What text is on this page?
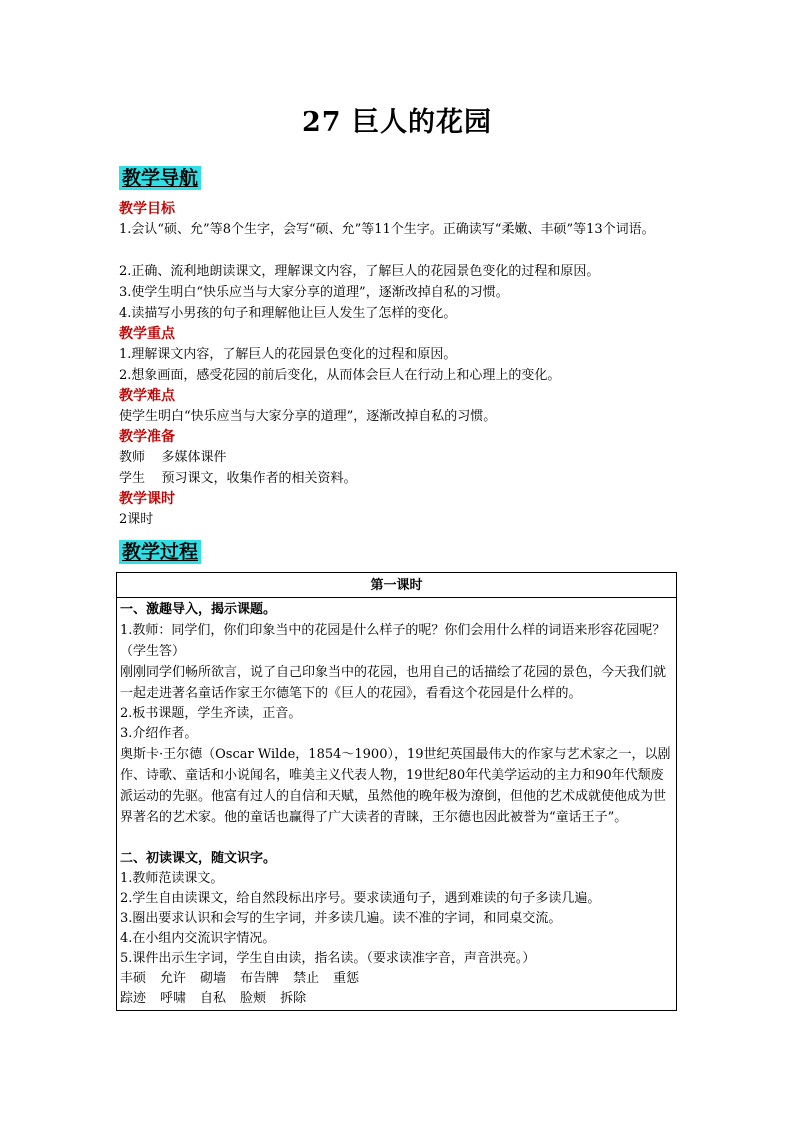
27 巨人的花园
教学导航
教学目标
1.会认“硕、允”等8个生字，会写“硕、允”等11个生字。正确读写“柔嫩、丰硕”等13个词语。
2.正确、流利地朗读课文，理解课文内容，了解巨人的花园景色变化的过程和原因。
3.使学生明白“快乐应当与大家分享的道理”，逐渐改掉自私的习惯。
4.读描写小男孩的句子和理解他让巨人发生了怎样的变化。
教学重点
1.理解课文内容，了解巨人的花园景色变化的过程和原因。
2.想象画面，感受花园的前后变化，从而体会巨人在行动上和心理上的变化。
教学难点
使学生明白“快乐应当与大家分享的道理”，逐渐改掉自私的习惯。
教学准备
教师    多媒体课件
学生    预习课文，收集作者的相关资料。
教学课时
2课时
教学过程
第一课时
一、激趣导入，揭示课题。
1.教师：同学们，你们印象当中的花园是什么样子的呢？你们会用什么样的词语来形容花园呢？（学生答）
刚刚同学们畅所欲言，说了自己印象当中的花园，也用自己的话描绘了花园的景色，今天我们就一起走进著名童话作家王尔德笔下的《巨人的花园》，看看这个花园是什么样的。
2.板书课题，学生齐读，正音。
3.介绍作者。
奥斯卡·王尔德（Oscar Wilde，1854～1900），19世纪英国最伟大的作家与艺术家之一，以剧作、诗歌、童话和小说闻名，唯美主义代表人物，19世纪80年代美学运动的主力和90年代颓废派运动的先驱。他富有过人的自信和天赋，虽然他的晚年极为潦倒，但他的艺术成就使他成为世界著名的艺术家。他的童话也赢得了广大读者的青睐，王尔德也因此被誉为“童话王子”。
二、初读课文，随文识字。
1.教师范读课文。
2.学生自由读课文，给自然段标出序号。要求读通句子，遇到难读的句子多读几遍。
3.圈出要求认识和会写的生字词，并多读几遍。读不准的字词，和同桌交流。
4.在小组内交流识字情况。
5.课件出示生字词，学生自由读，指名读。（要求读准字音，声音洪亮。）
丰硕 允许 砌墙 布告牌 禁止 重惩
踪迹 呼啸 自私 脸颊 拆除
